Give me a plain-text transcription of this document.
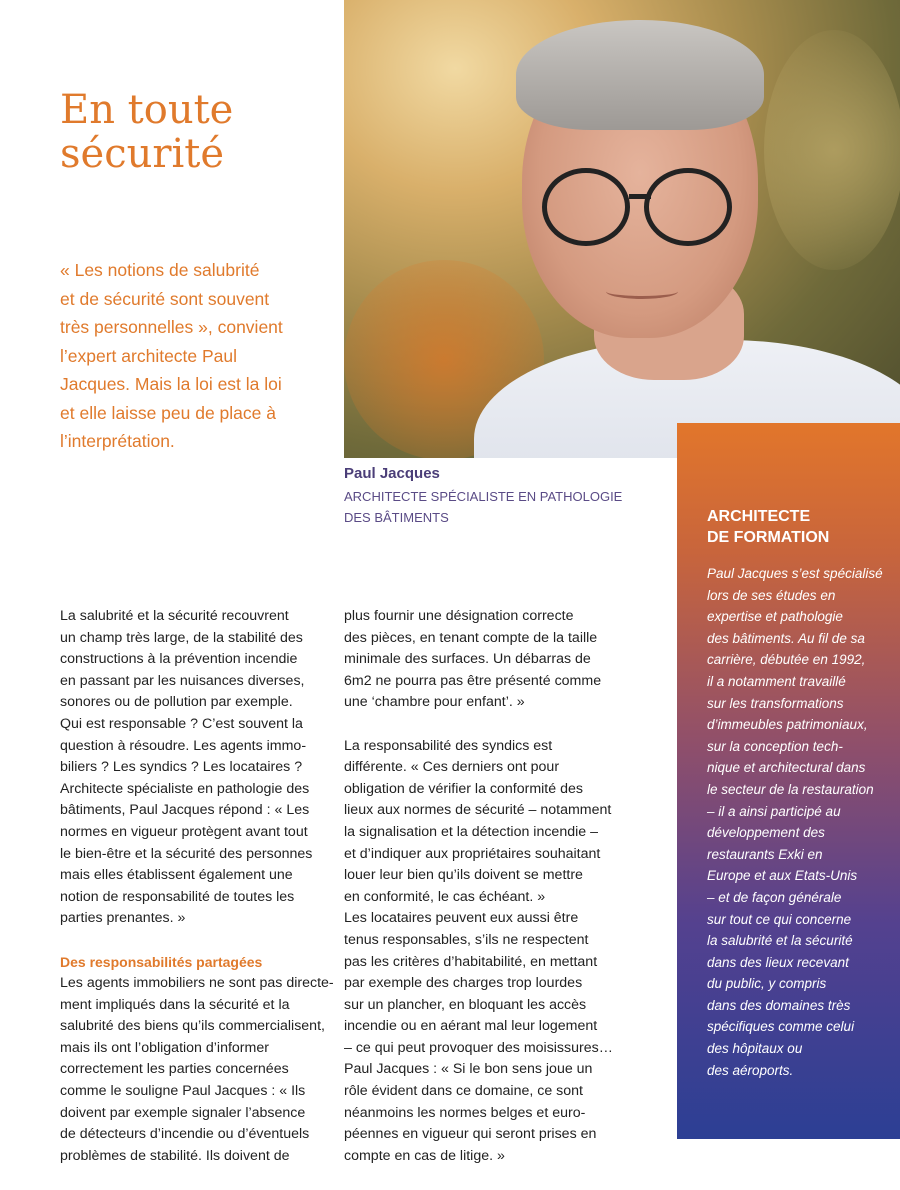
En toute
sécurité

« Les notions de salubrité
et de sécurité sont souvent
très personnelles », convient
l’expert architecte Paul
Jacques. Mais la loi est la loi
et elle laisse peu de place à
l’interprétation.

Paul Jacques

ARCHITECTE SPÉCIALISTE EN PATHOLOGIE
DES BÂTIMENTS	ARCHITECTE
DE FORMATION

Paul Jacques s’est spécialisé
lors de ses études en
expertise et pathologie
des bâtiments. Au fil de sa
carrière, débutée en 1992,
il a notamment travaillé
sur les transformations
d’immeubles patrimoniaux,
sur la conception tech-
nique et architectural dans
le secteur de la restauration
– il a ainsi participé au
développement des
restaurants Exki en
Europe et aux Etats-Unis
– et de façon générale
sur tout ce qui concerne
la salubrité et la sécurité
dans des lieux recevant
du public, y compris
dans des domaines très
spécifiques comme celui
des hôpitaux ou
des aéroports.

La salubrité et la sécurité recouvrent
un champ très large, de la stabilité des
constructions à la prévention incendie
en passant par les nuisances diverses,
sonores ou de pollution par exemple.
Qui est responsable ? C’est souvent la
question à résoudre. Les agents immo-
biliers ? Les syndics ? Les locataires ?
Architecte spécialiste en pathologie des
bâtiments, Paul Jacques répond : « Les
normes en vigueur protègent avant tout
le bien-être et la sécurité des personnes
mais elles établissent également une
notion de responsabilité de toutes les
parties prenantes. »
Des responsabilités partagées
Les agents immobiliers ne sont pas directe-
ment impliqués dans la sécurité et la
salubrité des biens qu’ils commercialisent,
mais ils ont l’obligation d’informer
correctement les parties concernées
comme le souligne Paul Jacques : « Ils
doivent par exemple signaler l’absence
de détecteurs d’incendie ou d’éventuels
problèmes de stabilité. Ils doivent de
plus fournir une désignation correcte
des pièces, en tenant compte de la taille
minimale des surfaces. Un débarras de
6m2 ne pourra pas être présenté comme
une ‘chambre pour enfant’. »
La responsabilité des syndics est
différente. « Ces derniers ont pour
obligation de vérifier la conformité des
lieux aux normes de sécurité – notamment
la signalisation et la détection incendie –
et d’indiquer aux propriétaires souhaitant
louer leur bien qu’ils doivent se mettre
en conformité, le cas échéant. »
Les locataires peuvent eux aussi être
tenus responsables, s’ils ne respectent
pas les critères d’habitabilité, en mettant
par exemple des charges trop lourdes
sur un plancher, en bloquant les accès
incendie ou en aérant mal leur logement
– ce qui peut provoquer des moisissures…
Paul Jacques : « Si le bon sens joue un
rôle évident dans ce domaine, ce sont
néanmoins les normes belges et euro-
péennes en vigueur qui seront prises en
compte en cas de litige. »
